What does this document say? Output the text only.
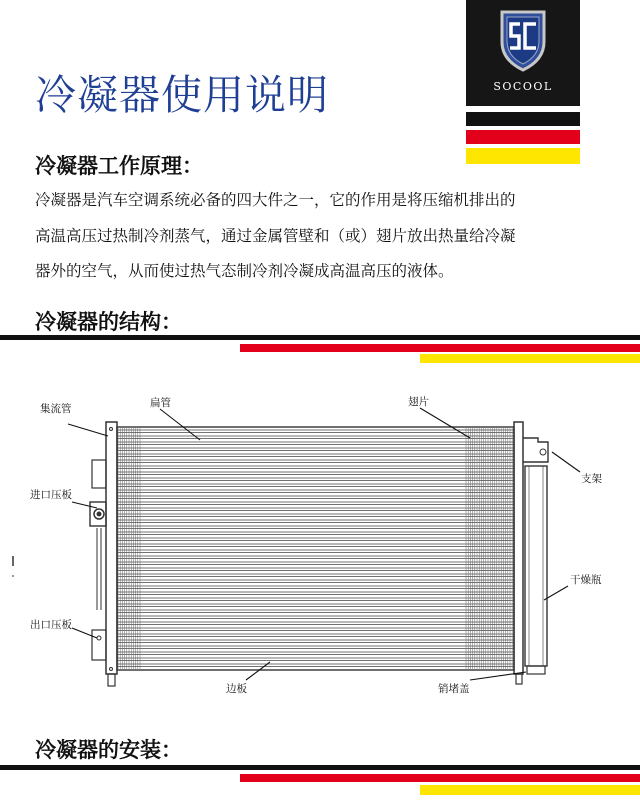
冷凝器使用说明	SOCOOL
冷凝器工作原理：
冷凝器是汽车空调系统必备的四大件之一，它的作用是将压缩机排出的
高温高压过热制冷剂蒸气，通过金属管壁和（或）翅片放出热量给冷凝
器外的空气，从而使过热气态制冷剂冷凝成高温高压的液体。
冷凝器的结构：
集流管	扁管	翅片
支架
进口压板
干燥瓶
出口压板
边板	销堵盖
冷凝器的安装：
